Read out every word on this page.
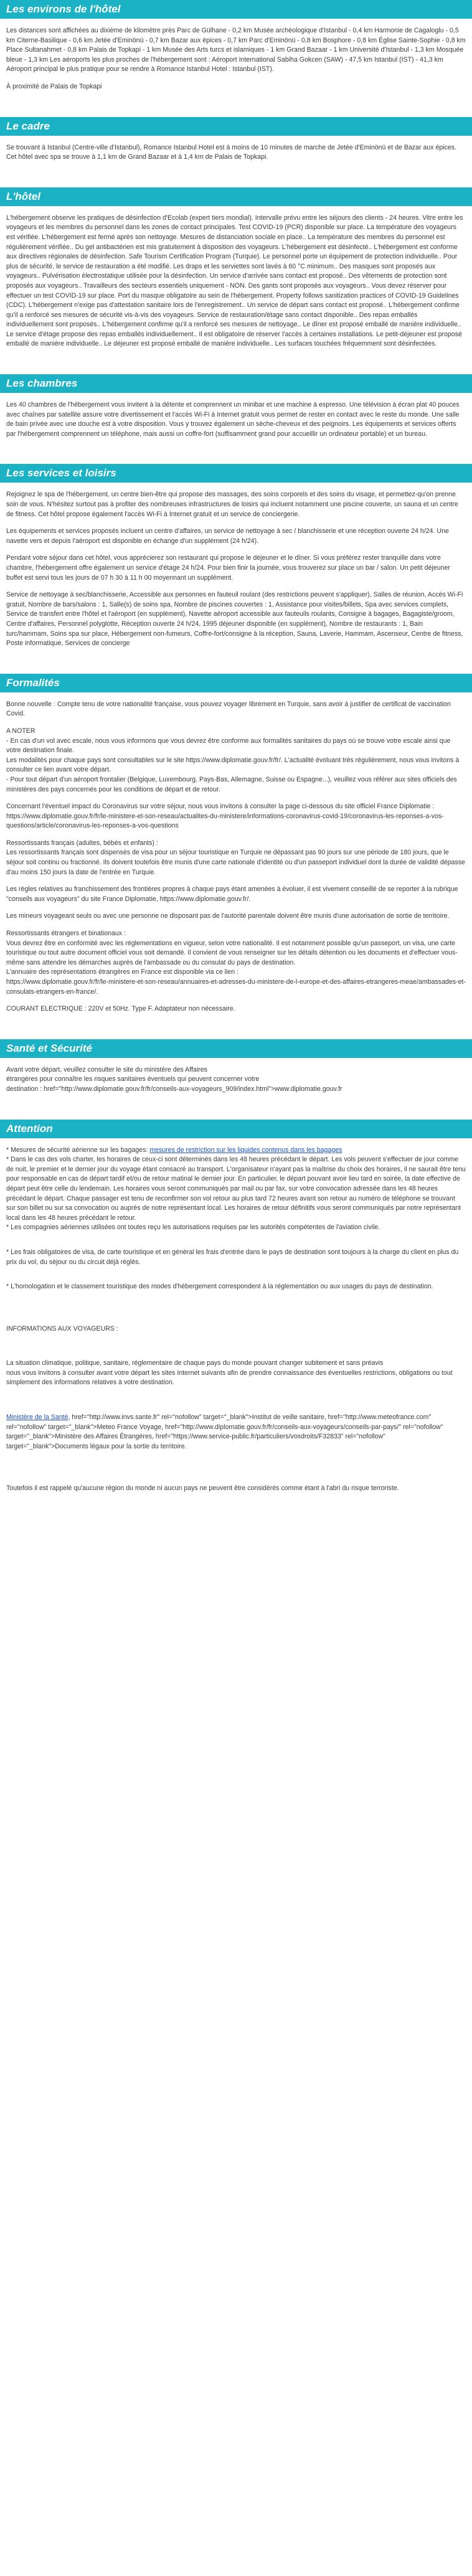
Les environs de l'hôtel

Les distances sont affichées au dixième de kilomètre près Parc de Gülhane - 0,2 km Musée archéologique d'Istanbul - 0,4 km Harmonie de Cagaloglu - 0,5 km Citerne-Basilique - 0,6 km Jetée d'Eminönü - 0,7 km Bazar aux épices - 0,7 km Parc d'Eminönü - 0,8 km Bosphore - 0,8 km Église Sainte-Sophie - 0,8 km Place Sultanahmet - 0,8 km Palais de Topkapi - 1 km Musée des Arts turcs et islamiques - 1 km Grand Bazaar - 1 km Université d'Istanbul - 1,3 km Mosquée bleue - 1,3 km Les aéroports les plus proches de l'hébergement sont : Aéroport International Sabiha Gokcen (SAW) - 47,5 km Istanbul (IST) - 41,3 km Aéroport principal le plus pratique pour se rendre à Romance Istanbul Hotel : Istanbul (IST).

À proximité de Palais de Topkapi

Le cadre

Se trouvant à Istanbul (Centre-ville d'Istanbul), Romance Istanbul Hotel est à moins de 10 minutes de marche de Jetée d'Eminönü et de Bazar aux épices. Cet hôtel avec spa se trouve à 1,1 km de Grand Bazaar et à 1,4 km de Palais de Topkapi.

L'hôtel

L'hébergement observe les pratiques de désinfection d'Ecolab (expert tiers mondial). Intervalle prévu entre les séjours des clients - 24 heures. Vitre entre les voyageurs et les membres du personnel dans les zones de contact principales. Test COVID-19 (PCR) disponible sur place. La température des voyageurs est vérifiée. L'hébergement est fermé après son nettoyage. Mesures de distanciation sociale en place.. La température des membres du personnel est régulièrement vérifiée.. Du gel antibactérien est mis gratuitement à disposition des voyageurs. L'hébergement est désinfecté.. L'hébergement est conforme aux directives régionales de désinfection. Safe Tourism Certification Program (Turquie). Le personnel porte un équipement de protection individuelle.. Pour plus de sécurité, le service de restauration a été modifié. Les draps et les serviettes sont lavés à 60 °C minimum.. Des masques sont proposés aux voyageurs.. Pulvérisation électrostatique utilisée pour la désinfection. Un service d'arrivée sans contact est proposé.. Des vêtements de protection sont proposés aux voyageurs.. Travailleurs des secteurs essentiels uniquement - NON. Des gants sont proposés aux voyageurs.. Vous devez réserver pour effectuer un test COVID-19 sur place. Port du masque obligatoire au sein de l'hébergement. Property follows sanitization practices of COVID-19 Guidelines (CDC). L'hébergement n'exige pas d'attestation sanitaire lors de l'enregistrement.. Un service de départ sans contact est proposé.. L'hébergement confirme qu'il a renforcé ses mesures de sécurité vis-à-vis des voyageurs. Service de restauration/étage sans contact disponible.. Des repas emballés individuellement sont proposés.. L'hébergement confirme qu'il a renforcé ses mesures de nettoyage.. Le dîner est proposé emballé de manière individuelle.. Le service d'étage propose des repas emballés individuellement.. Il est obligatoire de réserver l'accès à certaines installations. Le petit-déjeuner est proposé emballé de manière individuelle.. Le déjeuner est proposé emballé de manière individuelle.. Les surfaces touchées fréquemment sont désinfectées.

Les chambres

Les 40 chambres de l'hébergement vous invitent à la détente et comprennent un minibar et une machine à espresso. Une télévision à écran plat 40 pouces avec chaînes par satellite assure votre divertissement et l'accès Wi-Fi à Internet gratuit vous permet de rester en contact avec le reste du monde. Une salle de bain privée avec une douche est à votre disposition. Vous y trouvez également un sèche-cheveux et des peignoirs. Les équipements et services offerts par l'hébergement comprennent un téléphone, mais aussi un coffre-fort (suffisamment grand pour accueillir un ordinateur portable) et un bureau.

Les services et loisirs

Rejoignez le spa de l'hébergement, un centre bien-être qui propose des massages, des soins corporels et des soins du visage, et permettez-qu'on prenne soin de vous. N'hésitez surtout pas à profiter des nombreuses infrastructures de loisirs qui incluent notamment une piscine couverte, un sauna et un centre de fitness. Cet hôtel propose également l'accès Wi-Fi à Internet gratuit et un service de conciergerie.

Les équipements et services proposés incluent un centre d'affaires, un service de nettoyage à sec / blanchisserie et une réception ouverte 24 h/24. Une navette vers et depuis l'aéroport est disponible en échange d'un supplément (24 h/24).

Pendant votre séjour dans cet hôtel, vous apprécierez son restaurant qui propose le déjeuner et le dîner. Si vous préférez rester tranquille dans votre chambre, l'hébergement offre également un service d'étage 24 h/24. Pour bien finir la journée, vous trouverez sur place un bar / salon. Un petit déjeuner buffet est servi tous les jours de 07 h 30 à 11 h 00 moyennant un supplément.

Service de nettoyage à sec/blanchisserie, Accessible aux personnes en fauteuil roulant (des restrictions peuvent s'appliquer), Salles de réunion, Accès Wi-Fi gratuit, Nombre de bars/salons : 1, Salle(s) de soins spa, Nombre de piscines couvertes : 1, Assistance pour visites/billets, Spa avec services complets, Service de transfert entre l'hôtel et l'aéroport (en supplément), Navette aéroport accessible aux fauteuils roulants, Consigne à bagages, Bagagiste/groom, Centre d'affaires, Personnel polyglotte, Réception ouverte 24 h/24, 1995 déjeuner disponible (en supplément), Nombre de restaurants : 1, Bain turc/hammam, Soins spa sur place, Hébergement non-fumeurs, Coffre-fort/consigne à la réception, Sauna, Laverie, Hammam, Ascenseur, Centre de fitness, Poste informatique, Services de concierge

Formalités

Bonne nouvelle : Compte tenu de votre nationalité française, vous pouvez voyager librement en Turquie, sans avoir à justifier de certificat de vaccination Covid.

A NOTER
- En cas d'un vol avec escale, nous vous informons que vous devrez être conforme aux formalités sanitaires du pays où se trouve votre escale ainsi que votre destination finale.
Les modalités pour chaque pays sont consultables sur le site https://www.diplomatie.gouv.fr/fr/. L'actualité évoluant très régulièrement, nous vous invitons à consulter ce lien avant votre départ.
- Pour tout départ d'un aéroport frontalier (Belgique, Luxembourg, Pays-Bas, Allemagne, Suisse ou Espagne...), veuillez vous référer aux sites officiels des ministères des pays concernés pour les conditions de départ et de retour.

Concernant l'éventuel impact du Coronavirus sur votre séjour, nous vous invitons à consulter la page ci-dessous du site officiel France Diplomatie :
https://www.diplomatie.gouv.fr/fr/le-ministere-et-son-reseau/actualites-du-ministere/informations-coronavirus-covid-19/coronavirus-les-reponses-a-vos-questions/article/coronavirus-les-reponses-a-vos-questions

Ressortissants français (adultes, bébés et enfants) :
Les ressortissants français sont dispensés de visa pour un séjour touristique en Turquie ne dépassant pas 90 jours sur une période de 180 jours, que le séjour soit continu ou fractionné. Ils doivent toutefois être munis d'une carte nationale d'identité ou d'un passeport individuel dont la durée de validité dépasse d'au moins 150 jours la date de l'entrée en Turquie.

Les règles relatives au franchissement des frontières propres à chaque pays étant amenées à évoluer, il est vivement conseillé de se reporter à la rubrique "conseils aux voyageurs" du site France Diplomatie, https://www.diplomatie.gouv.fr/.

Les mineurs voyageant seuls ou avec une personne ne disposant pas de l'autorité parentale doivent être munis d'une autorisation de sortie de territoire.

Ressortissants étrangers et binationaux :
Vous devrez être en conformité avec les réglementations en vigueur, selon votre nationalité. Il est notamment possible qu'un passeport, un visa, une carte touristique ou tout autre document officiel vous soit demandé. Il convient de vous renseigner sur les détails détention ou les documents et d'effectuer vous-même sans attendre les démarches auprès de l'ambassade ou du consulat du pays de destination.
L'annuaire des représentations étrangères en France est disponible via ce lien :
https://www.diplomatie.gouv.fr/fr/le-ministere-et-son-reseau/annuaires-et-adresses-du-ministere-de-l-europe-et-des-affaires-etrangeres-meae/ambassades-et-consulats-etrangers-en-france/.

COURANT ELECTRIQUE : 220V et 50Hz. Type F. Adaptateur non nécessaire.

Santé et Sécurité

Avant votre départ, veuillez consulter le site du ministère des Affaires
étrangères pour connaître les risques sanitaires éventuels qui peuvent concerner votre
destination : href="http://www.diplomatie.gouv.fr/fr/conseils-aux-voyageurs_909/index.html">www.diplomatie.gouv.fr

Attention

* Mesures de sécurité aérienne sur les bagages: mesures de restriction sur les liquides contenus dans les bagages
* Dans le cas des vols charter, les horaires de ceux-ci sont déterminés dans les 48 heures précédant le départ. Les vols peuvent s'effectuer de jour comme de nuit, le premier et le dernier jour du voyage étant consacré au transport. L'organisateur n'ayant pas la maîtrise du choix des horaires, il ne saurait être tenu pour responsable en cas de départ tardif et/ou de retour matinal le dernier jour. En particulier, le départ pouvant avoir lieu tard en soirée, la date effective de départ peut être celle du lendemain. Les horaires vous seront communiqués par mail ou par fax, sur votre convocation adressée dans les 48 heures précédant le départ. Chaque passager est tenu de reconfirmer son vol retour au plus tard 72 heures avant son retour au numéro de téléphone se trouvant sur son billet ou sur sa convocation ou auprès de notre représentant local. Les horaires de retour définitifs vous seront communiqués par notre représentant local dans les 48 heures précédant le retour.
* Les compagnies aériennes utilisées ont toutes reçu les autorisations requises par les autorités compétentes de l'aviation civile.

* Les frais obligatoires de visa, de carte touristique et en général les frais d'entrée dans le pays de destination sont toujours à la charge du client en plus du prix du vol, du séjour ou du circuit déjà réglés.

* L'homologation et le classement touristique des modes d'hébergement correspondent à la réglementation ou aux usages du pays de destination.

INFORMATIONS AUX VOYAGEURS :

La situation climatique, politique, sanitaire, réglementaire de chaque pays du monde pouvant changer subitement et sans préavis
nous vous invitons à consulter avant votre départ les sites Internet suivants afin de prendre connaissance des éventuelles restrictions, obligations ou tout simplement des informations relatives à votre destination.

Ministère de la Santé, href="http://www.invs.sante.fr" rel="nofollow" target="_blank">Institut de veille sanitaire, href="http://www.meteofrance.com" rel="nofollow" target="_blank">Meteo France Voyage, href="http://www.diplomatie.gouv.fr/fr/conseils-aux-voyageurs/conseils-par-pays/" rel="nofollow" target="_blank">Ministère des Affaires Étrangères, href="https://www.service-public.fr/particuliers/vosdroits/F32833" rel="nofollow" target="_blank">Documents légaux pour la sortie du territoire.

Toutefois il est rappelé qu'aucune région du monde ni aucun pays ne peuvent être considérés comme étant à l'abri du risque terroriste.
